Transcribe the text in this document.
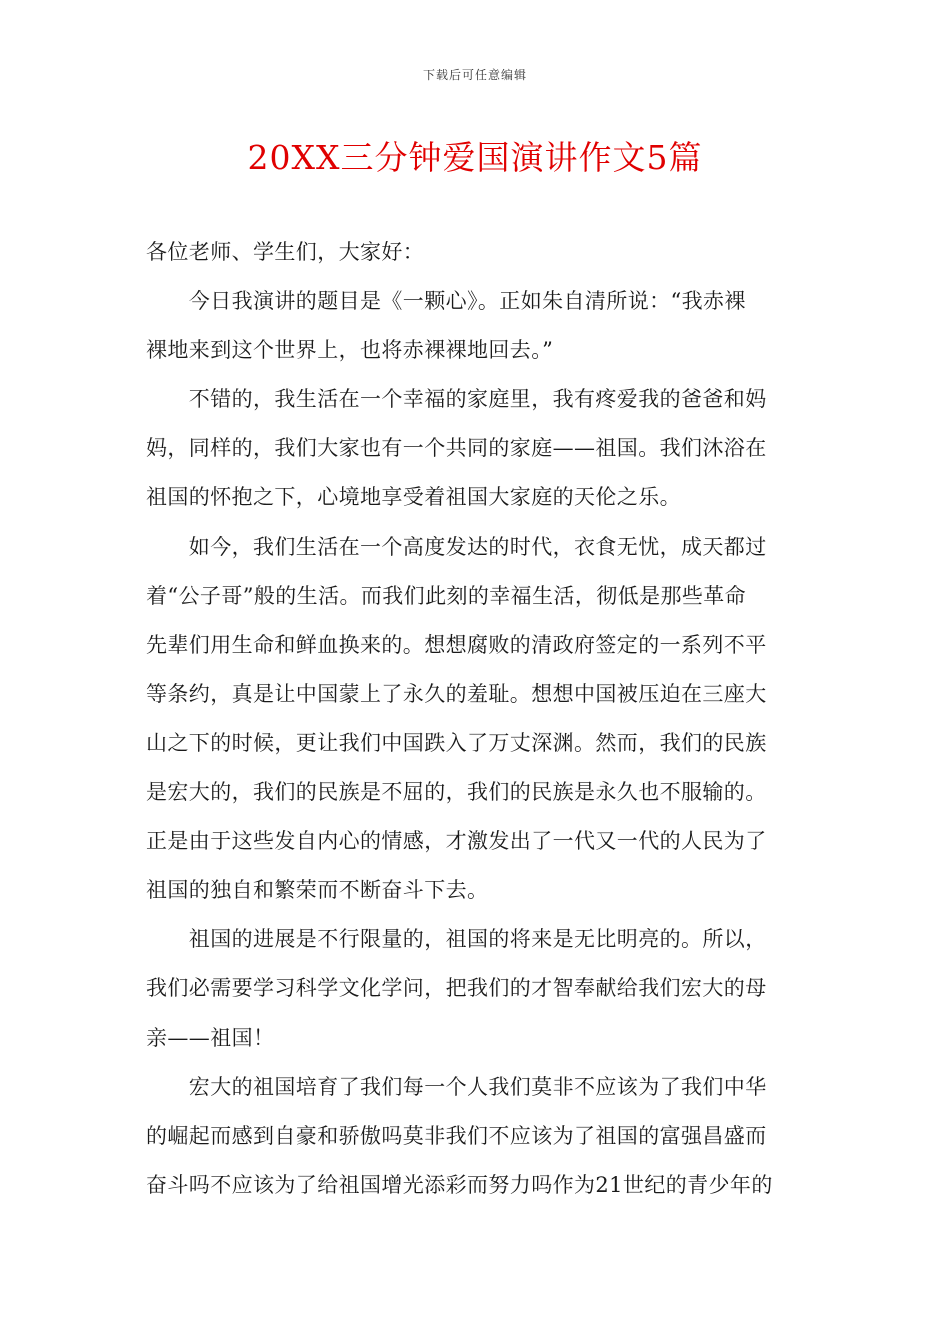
下载后可任意编辑
20XX三分钟爱国演讲作文5篇
各位老师、学生们，大家好：
　　今日我演讲的题目是《一颗心》。正如朱自清所说：“我赤裸
裸地来到这个世界上，也将赤裸裸地回去。”
　　不错的，我生活在一个幸福的家庭里，我有疼爱我的爸爸和妈
妈，同样的，我们大家也有一个共同的家庭——祖国。我们沐浴在
祖国的怀抱之下，心境地享受着祖国大家庭的天伦之乐。
　　如今，我们生活在一个高度发达的时代，衣食无忧，成天都过
着“公子哥”般的生活。而我们此刻的幸福生活，彻低是那些革命
先辈们用生命和鲜血换来的。想想腐败的清政府签定的一系列不平
等条约，真是让中国蒙上了永久的羞耻。想想中国被压迫在三座大
山之下的时候，更让我们中国跌入了万丈深渊。然而，我们的民族
是宏大的，我们的民族是不屈的，我们的民族是永久也不服输的。
正是由于这些发自内心的情感，才激发出了一代又一代的人民为了
祖国的独自和繁荣而不断奋斗下去。
　　祖国的进展是不行限量的，祖国的将来是无比明亮的。所以，
我们必需要学习科学文化学问，把我们的才智奉献给我们宏大的母
亲——祖国！
　　宏大的祖国培育了我们每一个人我们莫非不应该为了我们中华
的崛起而感到自豪和骄傲吗莫非我们不应该为了祖国的富强昌盛而
奋斗吗不应该为了给祖国增光添彩而努力吗作为21世纪的青少年的
